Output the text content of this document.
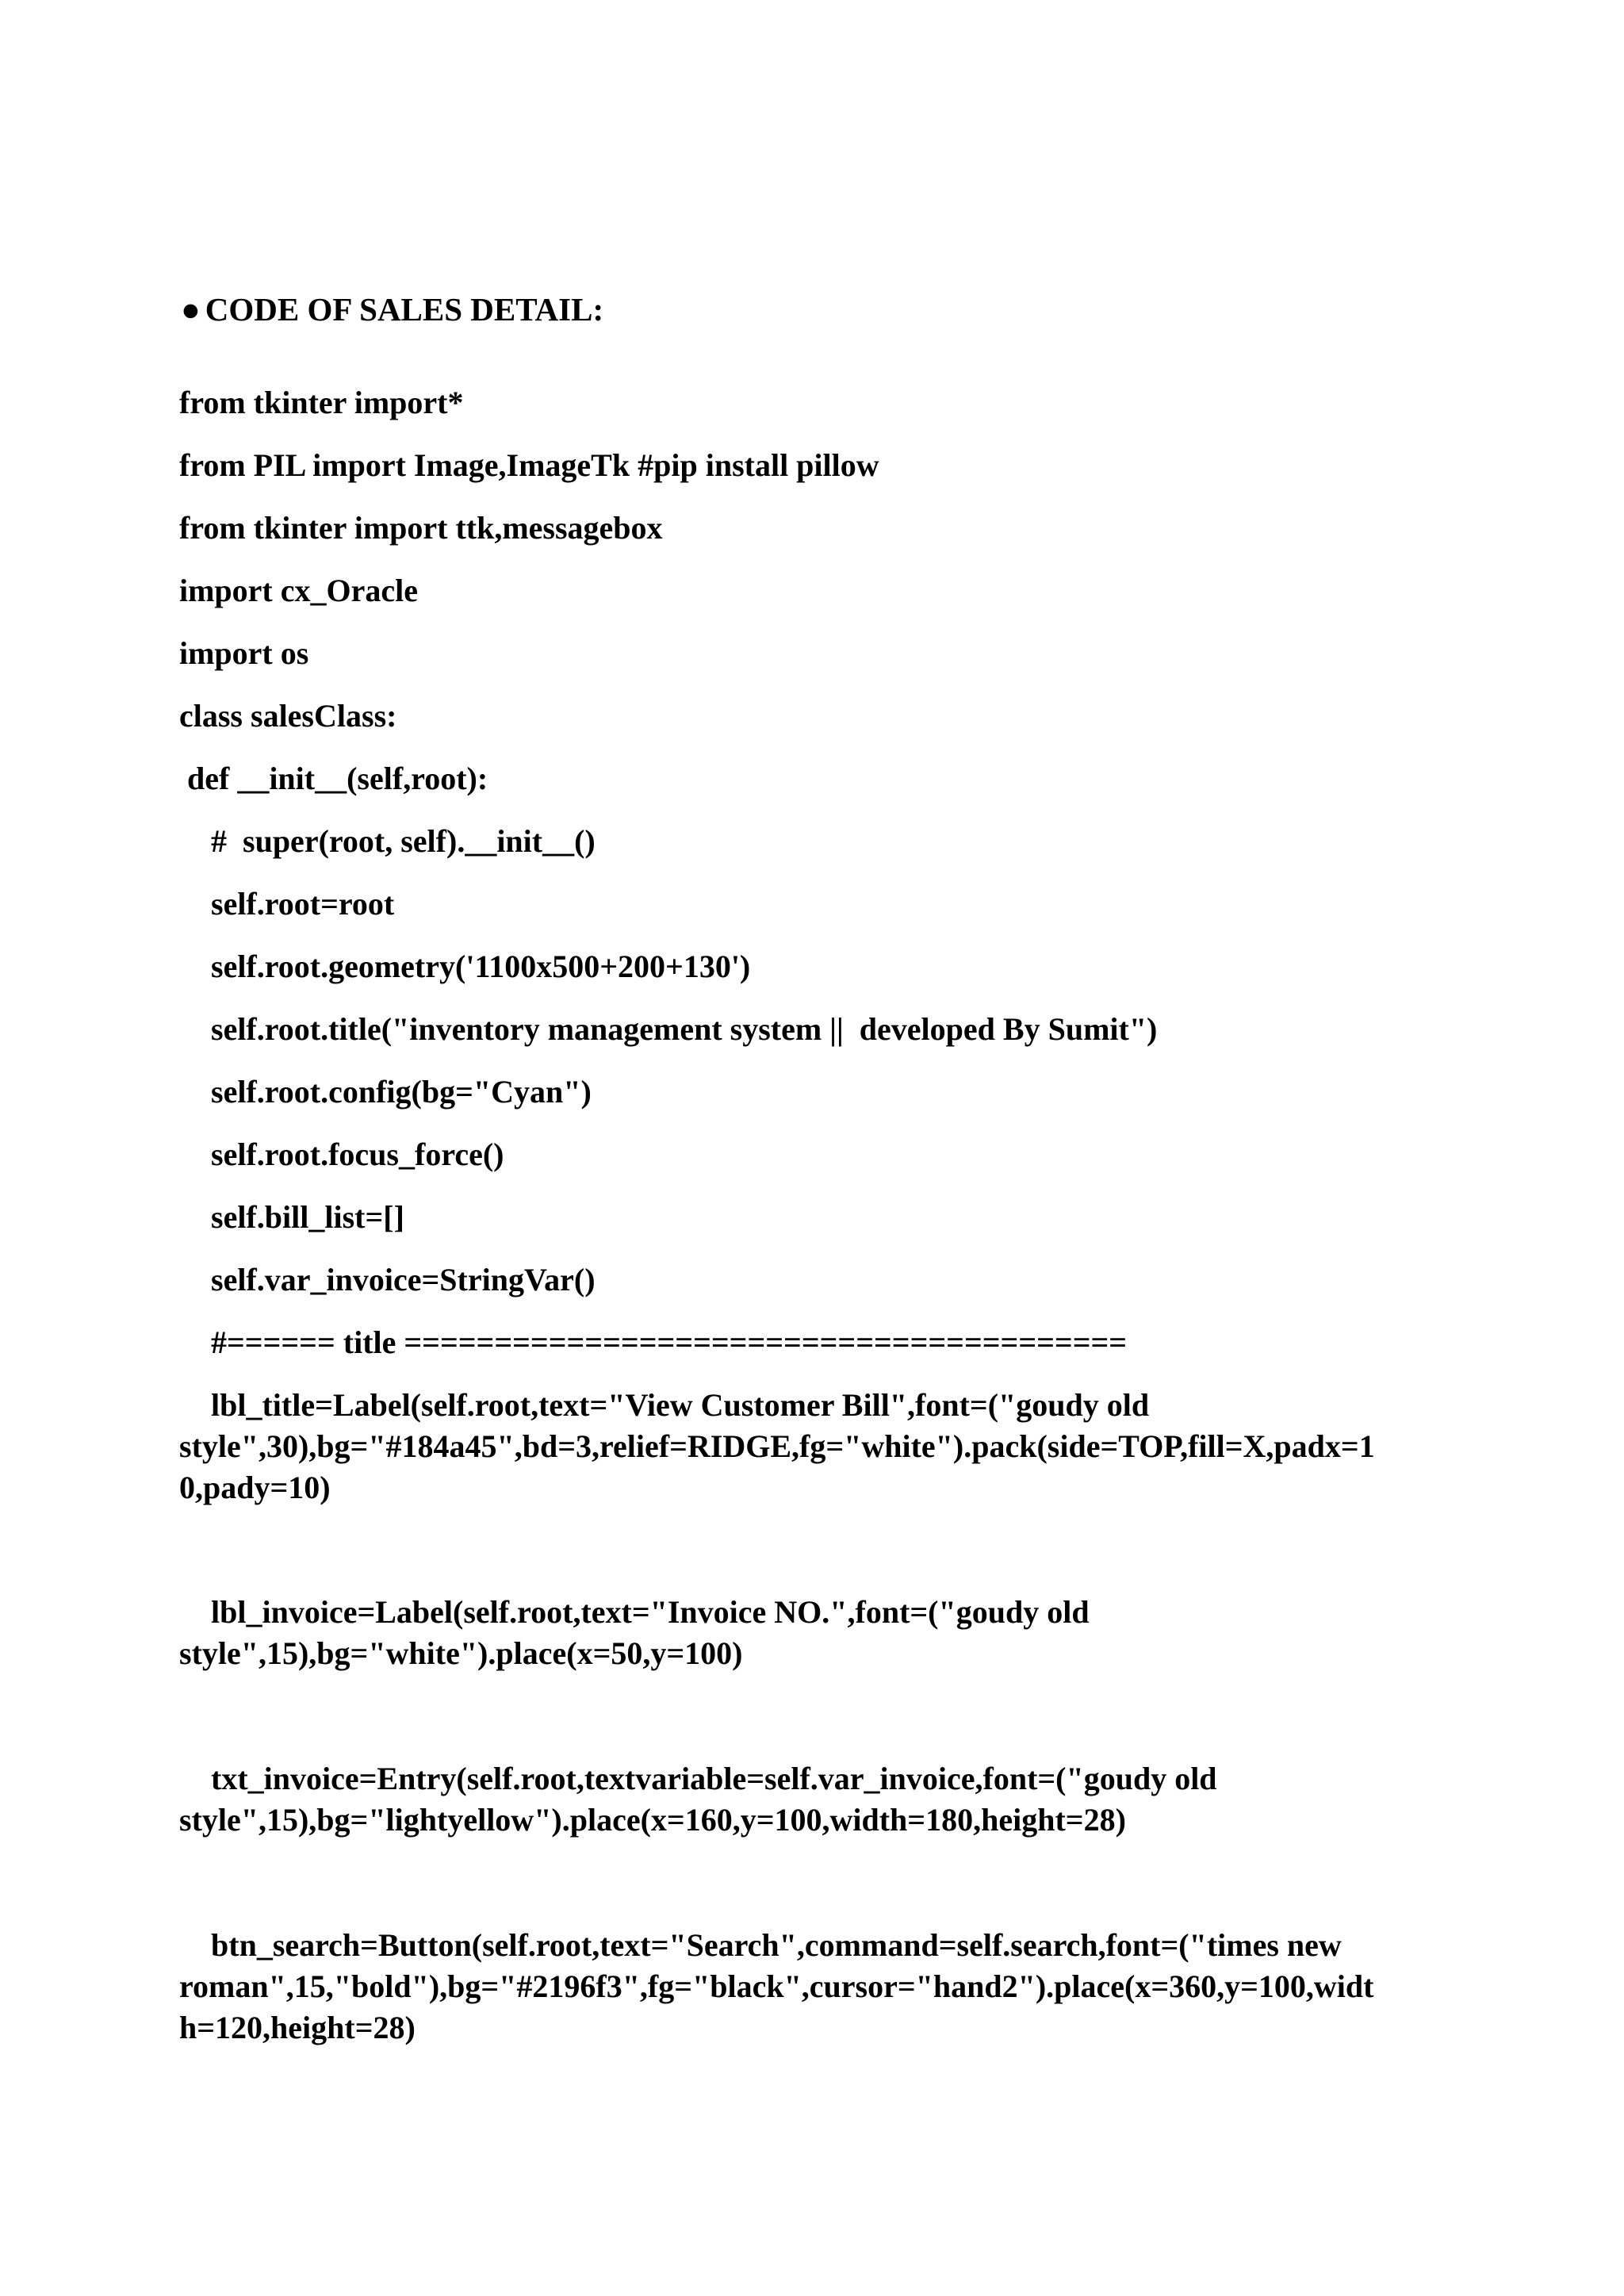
● CODE OF SALES DETAIL:
from tkinter import*
from PIL import Image,ImageTk #pip install pillow
from tkinter import ttk,messagebox
import cx_Oracle
import os
class salesClass:
def __init__(self,root):
#  super(root, self).__init__()
self.root=root
self.root.geometry('1100x500+200+130')
self.root.title("inventory management system ||  developed By Sumit")
self.root.config(bg="Cyan")
self.root.focus_force()
self.bill_list=[]
self.var_invoice=StringVar()
#====== title ========================================
lbl_title=Label(self.root,text="View Customer Bill",font=("goudy old
style",30),bg="#184a45",bd=3,relief=RIDGE,fg="white").pack(side=TOP,fill=X,padx=1
0,pady=10)
lbl_invoice=Label(self.root,text="Invoice NO.",font=("goudy old
style",15),bg="white").place(x=50,y=100)
txt_invoice=Entry(self.root,textvariable=self.var_invoice,font=("goudy old
style",15),bg="lightyellow").place(x=160,y=100,width=180,height=28)
btn_search=Button(self.root,text="Search",command=self.search,font=("times new
roman",15,"bold"),bg="#2196f3",fg="black",cursor="hand2").place(x=360,y=100,widt
h=120,height=28)
